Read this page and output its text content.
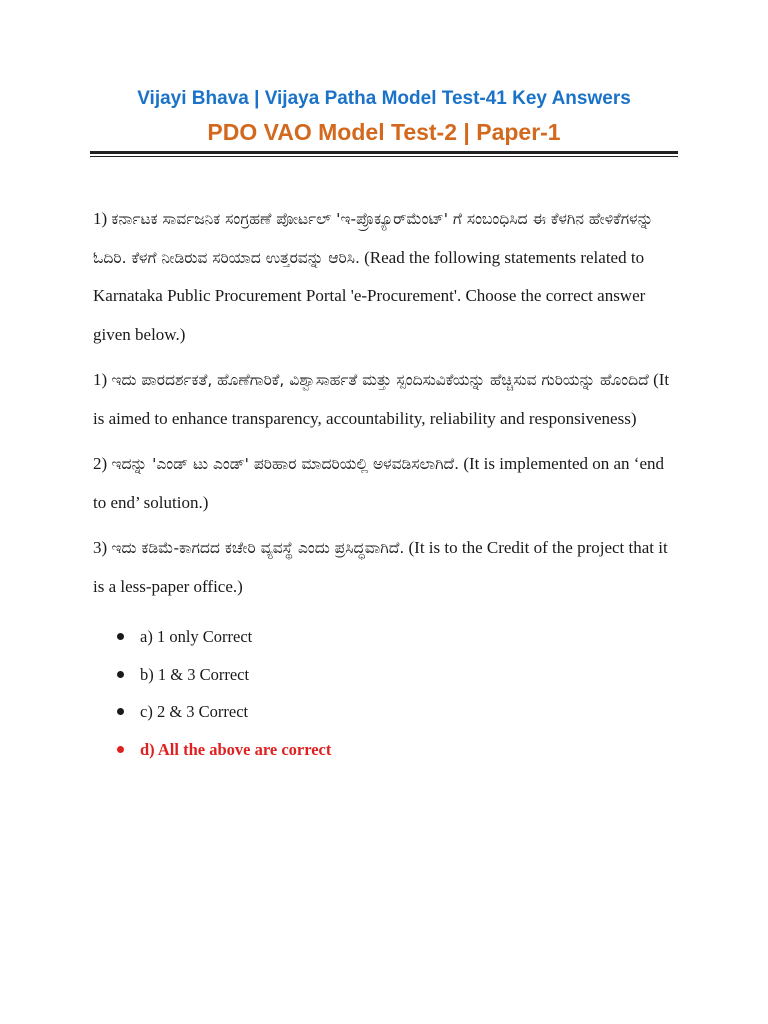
Vijayi Bhava | Vijaya Patha Model Test-41 Key Answers
PDO VAO Model Test-2 | Paper-1

1) ಕರ್ನಾಟಕ ಸಾರ್ವಜನಿಕ ಸಂಗ್ರಹಣೆ ಪೋರ್ಟಲ್ 'ಇ-ಪ್ರೊಕ್ಯೂರ್‌ಮೆಂಟ್' ಗೆ ಸಂಬಂಧಿಸಿದ ಈ ಕೆಳಗಿನ ಹೇಳಿಕೆಗಳನ್ನು ಓದಿರಿ. ಕೆಳಗೆ ನೀಡಿರುವ ಸರಿಯಾದ ಉತ್ತರವನ್ನು ಆರಿಸಿ. (Read the following statements related to Karnataka Public Procurement Portal 'e-Procurement'. Choose the correct answer given below.)

1) ಇದು ಪಾರದರ್ಶಕತೆ, ಹೊಣೆಗಾರಿಕೆ, ವಿಶ್ವಾಸಾರ್ಹತೆ ಮತ್ತು ಸ್ಪಂದಿಸುವಿಕೆಯನ್ನು ಹೆಚ್ಚಿಸುವ ಗುರಿಯನ್ನು ಹೊಂದಿದೆ (It is aimed to enhance transparency, accountability, reliability and responsiveness)

2) ಇದನ್ನು 'ಎಂಡ್ ಟು ಎಂಡ್' ಪರಿಹಾರ ಮಾದರಿಯಲ್ಲಿ ಅಳವಡಿಸಲಾಗಿದೆ. (It is implemented on an ‘end to end’ solution.)

3) ಇದು ಕಡಿಮೆ-ಕಾಗದದ ಕಚೇರಿ ವ್ಯವಸ್ಥೆ ಎಂದು ಪ್ರಸಿದ್ಧವಾಗಿದೆ. (It is to the Credit of the project that it is a less-paper office.)

a) 1 only Correct
b) 1 & 3 Correct
c) 2 & 3 Correct
d) All the above are correct
